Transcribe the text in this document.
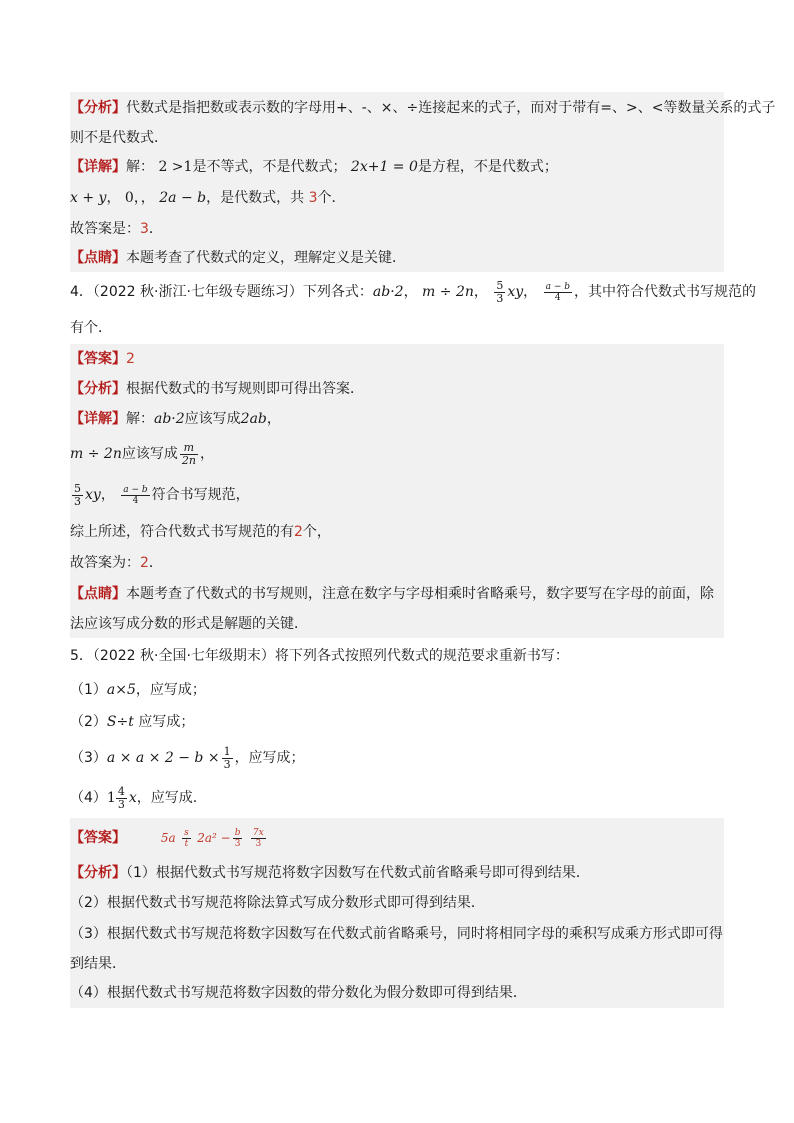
【分析】代数式是指把数或表示数的字母用+、-、×、÷连接起来的式子，而对于带有=、>、<等数量关系的式子
则不是代数式．
【详解】解： 2 >1是不等式，不是代数式； 2x+1 = 0是方程，不是代数式；
x + y， 0，， 2a − b，是代数式，共 3个．
故答案是：3．
【点睛】本题考查了代数式的定义，理解定义是关键．
4．（2022 秋·浙江·七年级专题练习）下列各式：ab·2， m ÷ 2n， $\frac{5}{3}$ xy， $\frac{a - b}{4}$ ，其中符合代数式书写规范的
有个．
【答案】2
【分析】根据代数式的书写规则即可得出答案．
【详解】解：ab·2应该写成2ab，
m ÷ 2n应该写成 $\frac{m}{2n}$ ，
$\frac{5}{3}$ xy， $\frac{a - b}{4}$ 符合书写规范，
综上所述，符合代数式书写规范的有2个，
故答案为：2．
【点睛】本题考查了代数式的书写规则，注意在数字与字母相乘时省略乘号，数字要写在字母的前面，除
法应该写成分数的形式是解题的关键．
5．（2022 秋·全国·七年级期末）将下列各式按照列代数式的规范要求重新书写：
（1）a×5，应写成；
（2）S÷t 应写成；
$(3)a \times a \times 2 - b \times \frac{1}{3}$ ，应写成；
$(4)1 \frac{4}{3}$ x，应写成.
【答案】	$5a \frac{s}{t} 2a^2 - \frac{b}{3}$
$\frac{7x}{3}$
【分析】（1）根据代数式书写规范将数字因数写在代数式前省略乘号即可得到结果．
（2）根据代数式书写规范将除法算式写成分数形式即可得到结果．
（3）根据代数式书写规范将数字因数写在代数式前省略乘号，同时将相同字母的乘积写成乘方形式即可得
到结果．
（4）根据代数式书写规范将数字因数的带分数化为假分数即可得到结果．
